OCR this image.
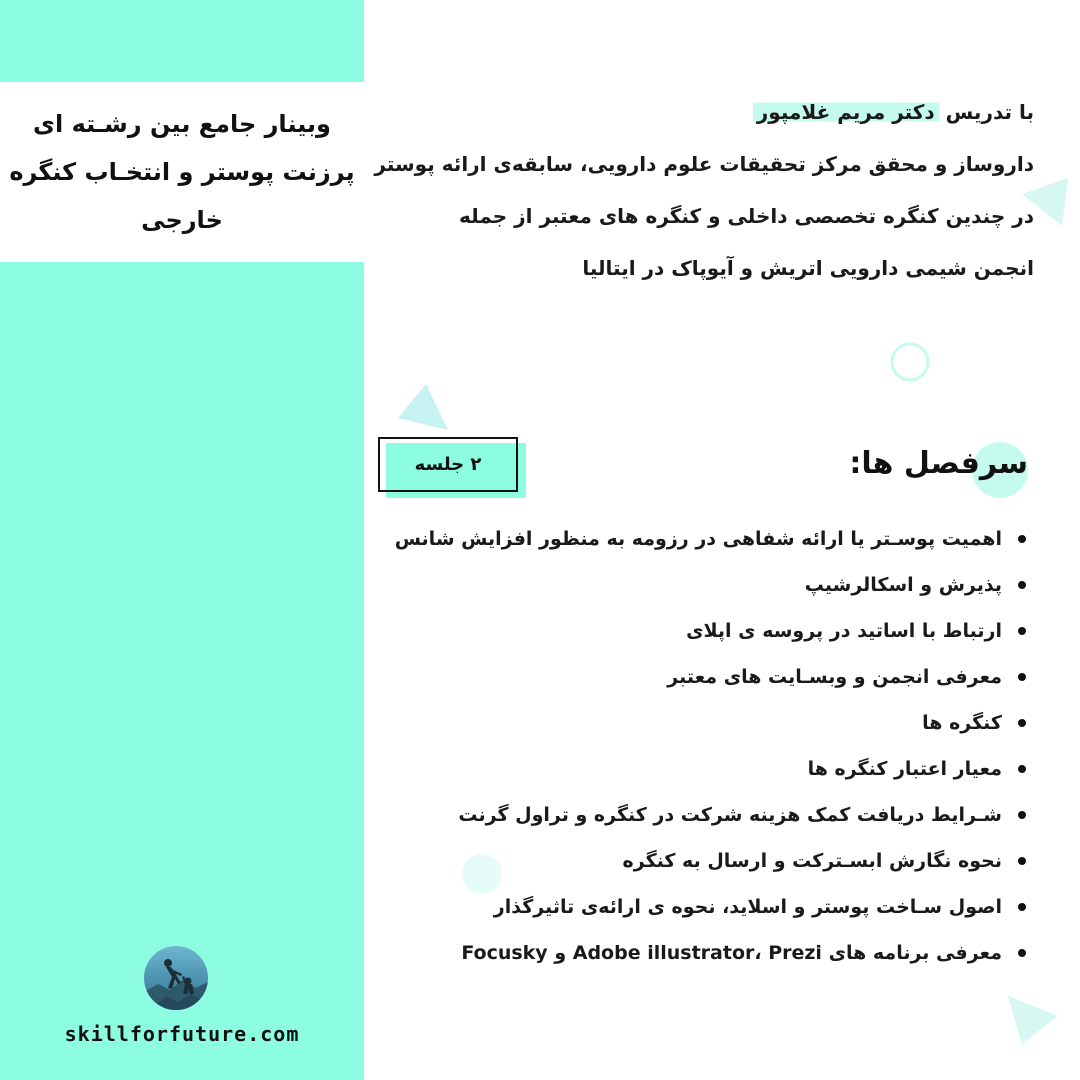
وبینار جامع بین رشـته ای
پرزنت پوستر و انتخـاب کنگره
خارجی
skillforfuture.com
با تدریس دکتر مریم غلامپور
داروساز و محقق مرکز تحقیقات علوم دارویی، سابقه‌ی ارائه پوستر
در چندین کنگره تخصصی داخلی و کنگره های معتبر از جمله
انجمن شیمی دارویی اتریش و آیوپاک در ایتالیا
سرفصل ها:
۲ جلسه
اهمیت پوسـتر یا ارائه شفاهی در رزومه به منظور افزایش شانس
پذیرش و اسکالرشیپ
ارتباط با اساتید در پروسه ی اپلای
معرفی انجمن و وبسـایت های معتبر
کنگره ها
معیار اعتبار کنگره ها
شـرایط دریافت کمک هزینه شرکت در کنگره و تراول گرنت
نحوه نگارش ابسـترکت و ارسال به کنگره
اصول سـاخت پوستر و اسلاید، نحوه ی ارائه‌ی تاثیرگذار
معرفی برنامه های Adobe illustrator، Prezi و Focusky
